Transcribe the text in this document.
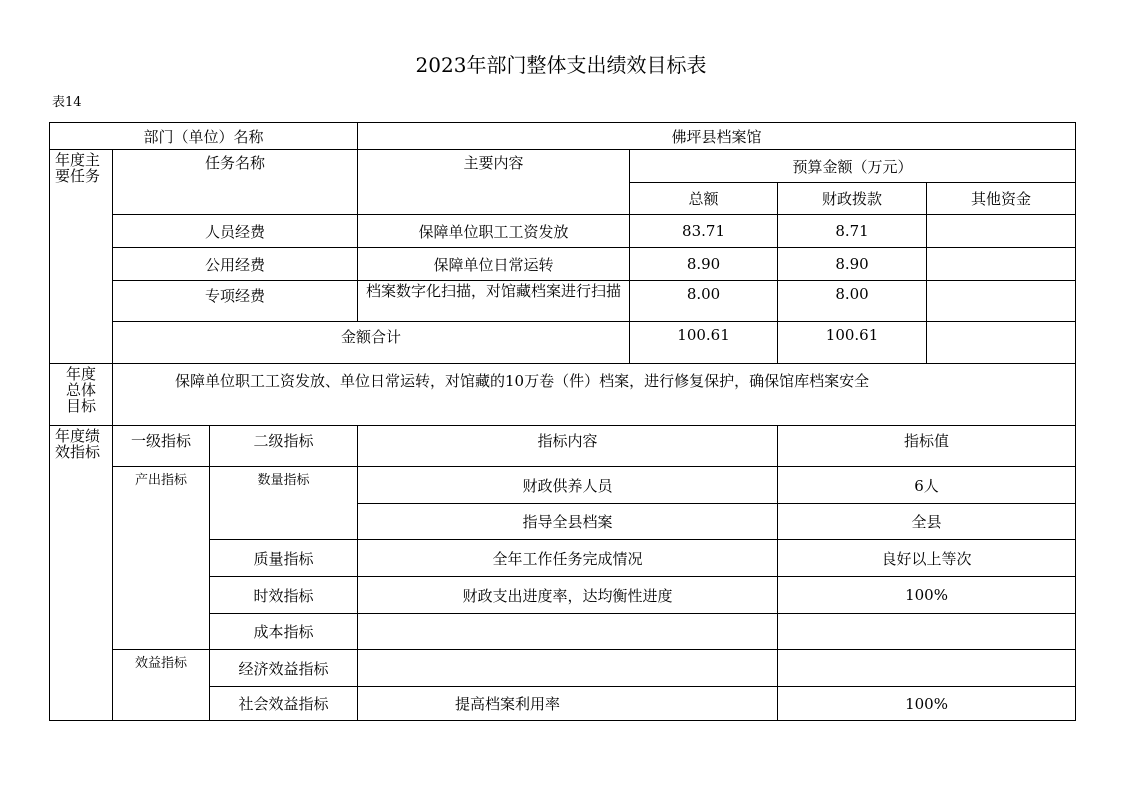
2023年部门整体支出绩效目标表
表14
部门（单位）名称			佛坪县档案馆			
年度主要任务	任务名称		主要内容	预算金额（万元）		
				总额	财政拨款	其他资金
	人员经费		保障单位职工工资发放	83.71	8.71	
	公用经费		保障单位日常运转	8.90	8.90	
	专项经费		档案数字化扫描，对馆藏档案进行扫描	8.00	8.00	
	金额合计			100.61	100.61	

年度总体目标	保障单位职工工资发放、单位日常运转，对馆藏的10万卷（件）档案，进行修复保护，确保馆库档案安全					
年度绩效指标	一级指标	二级指标	指标内容		指标值	
	产出指标	数量指标	财政供养人员		6人	
			指导全县档案		全县	
		质量指标	全年工作任务完成情况		良好以上等次	
		时效指标	财政支出进度率，达均衡性进度		100%	
		成本指标				

	效益指标	经济效益指标				
		社会效益指标	提高档案利用率		100%	
